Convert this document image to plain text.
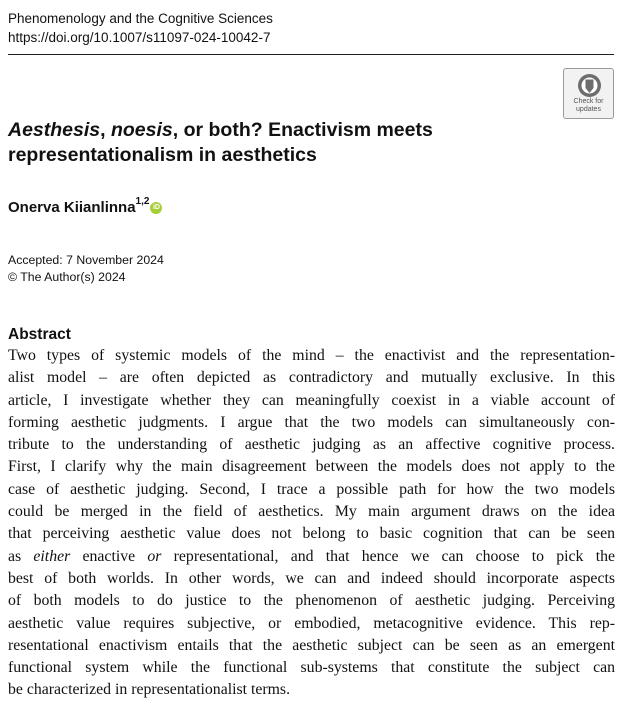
Phenomenology and the Cognitive Sciences
https://doi.org/10.1007/s11097-024-10042-7
Check for
updates
Aesthesis, noesis, or both? Enactivism meets
representationalism in aesthetics
Onerva Kiianlinna$^{1,2}$iD
Accepted: 7 November 2024
© The Author(s) 2024
Abstract
Two types of systemic models of the mind – the enactivist and the representation-
alist model – are often depicted as contradictory and mutually exclusive. In this
article, I investigate whether they can meaningfully coexist in a viable account of
forming aesthetic judgments. I argue that the two models can simultaneously con-
tribute to the understanding of aesthetic judging as an affective cognitive process.
First, I clarify why the main disagreement between the models does not apply to the
case of aesthetic judging. Second, I trace a possible path for how the two models
could be merged in the field of aesthetics. My main argument draws on the idea
that perceiving aesthetic value does not belong to basic cognition that can be seen
as either enactive or representational, and that hence we can choose to pick the
best of both worlds. In other words, we can and indeed should incorporate aspects
of both models to do justice to the phenomenon of aesthetic judging. Perceiving
aesthetic value requires subjective, or embodied, metacognitive evidence. This rep-
resentational enactivism entails that the aesthetic subject can be seen as an emergent
functional system while the functional sub-systems that constitute the subject can
be characterized in representationalist terms.
